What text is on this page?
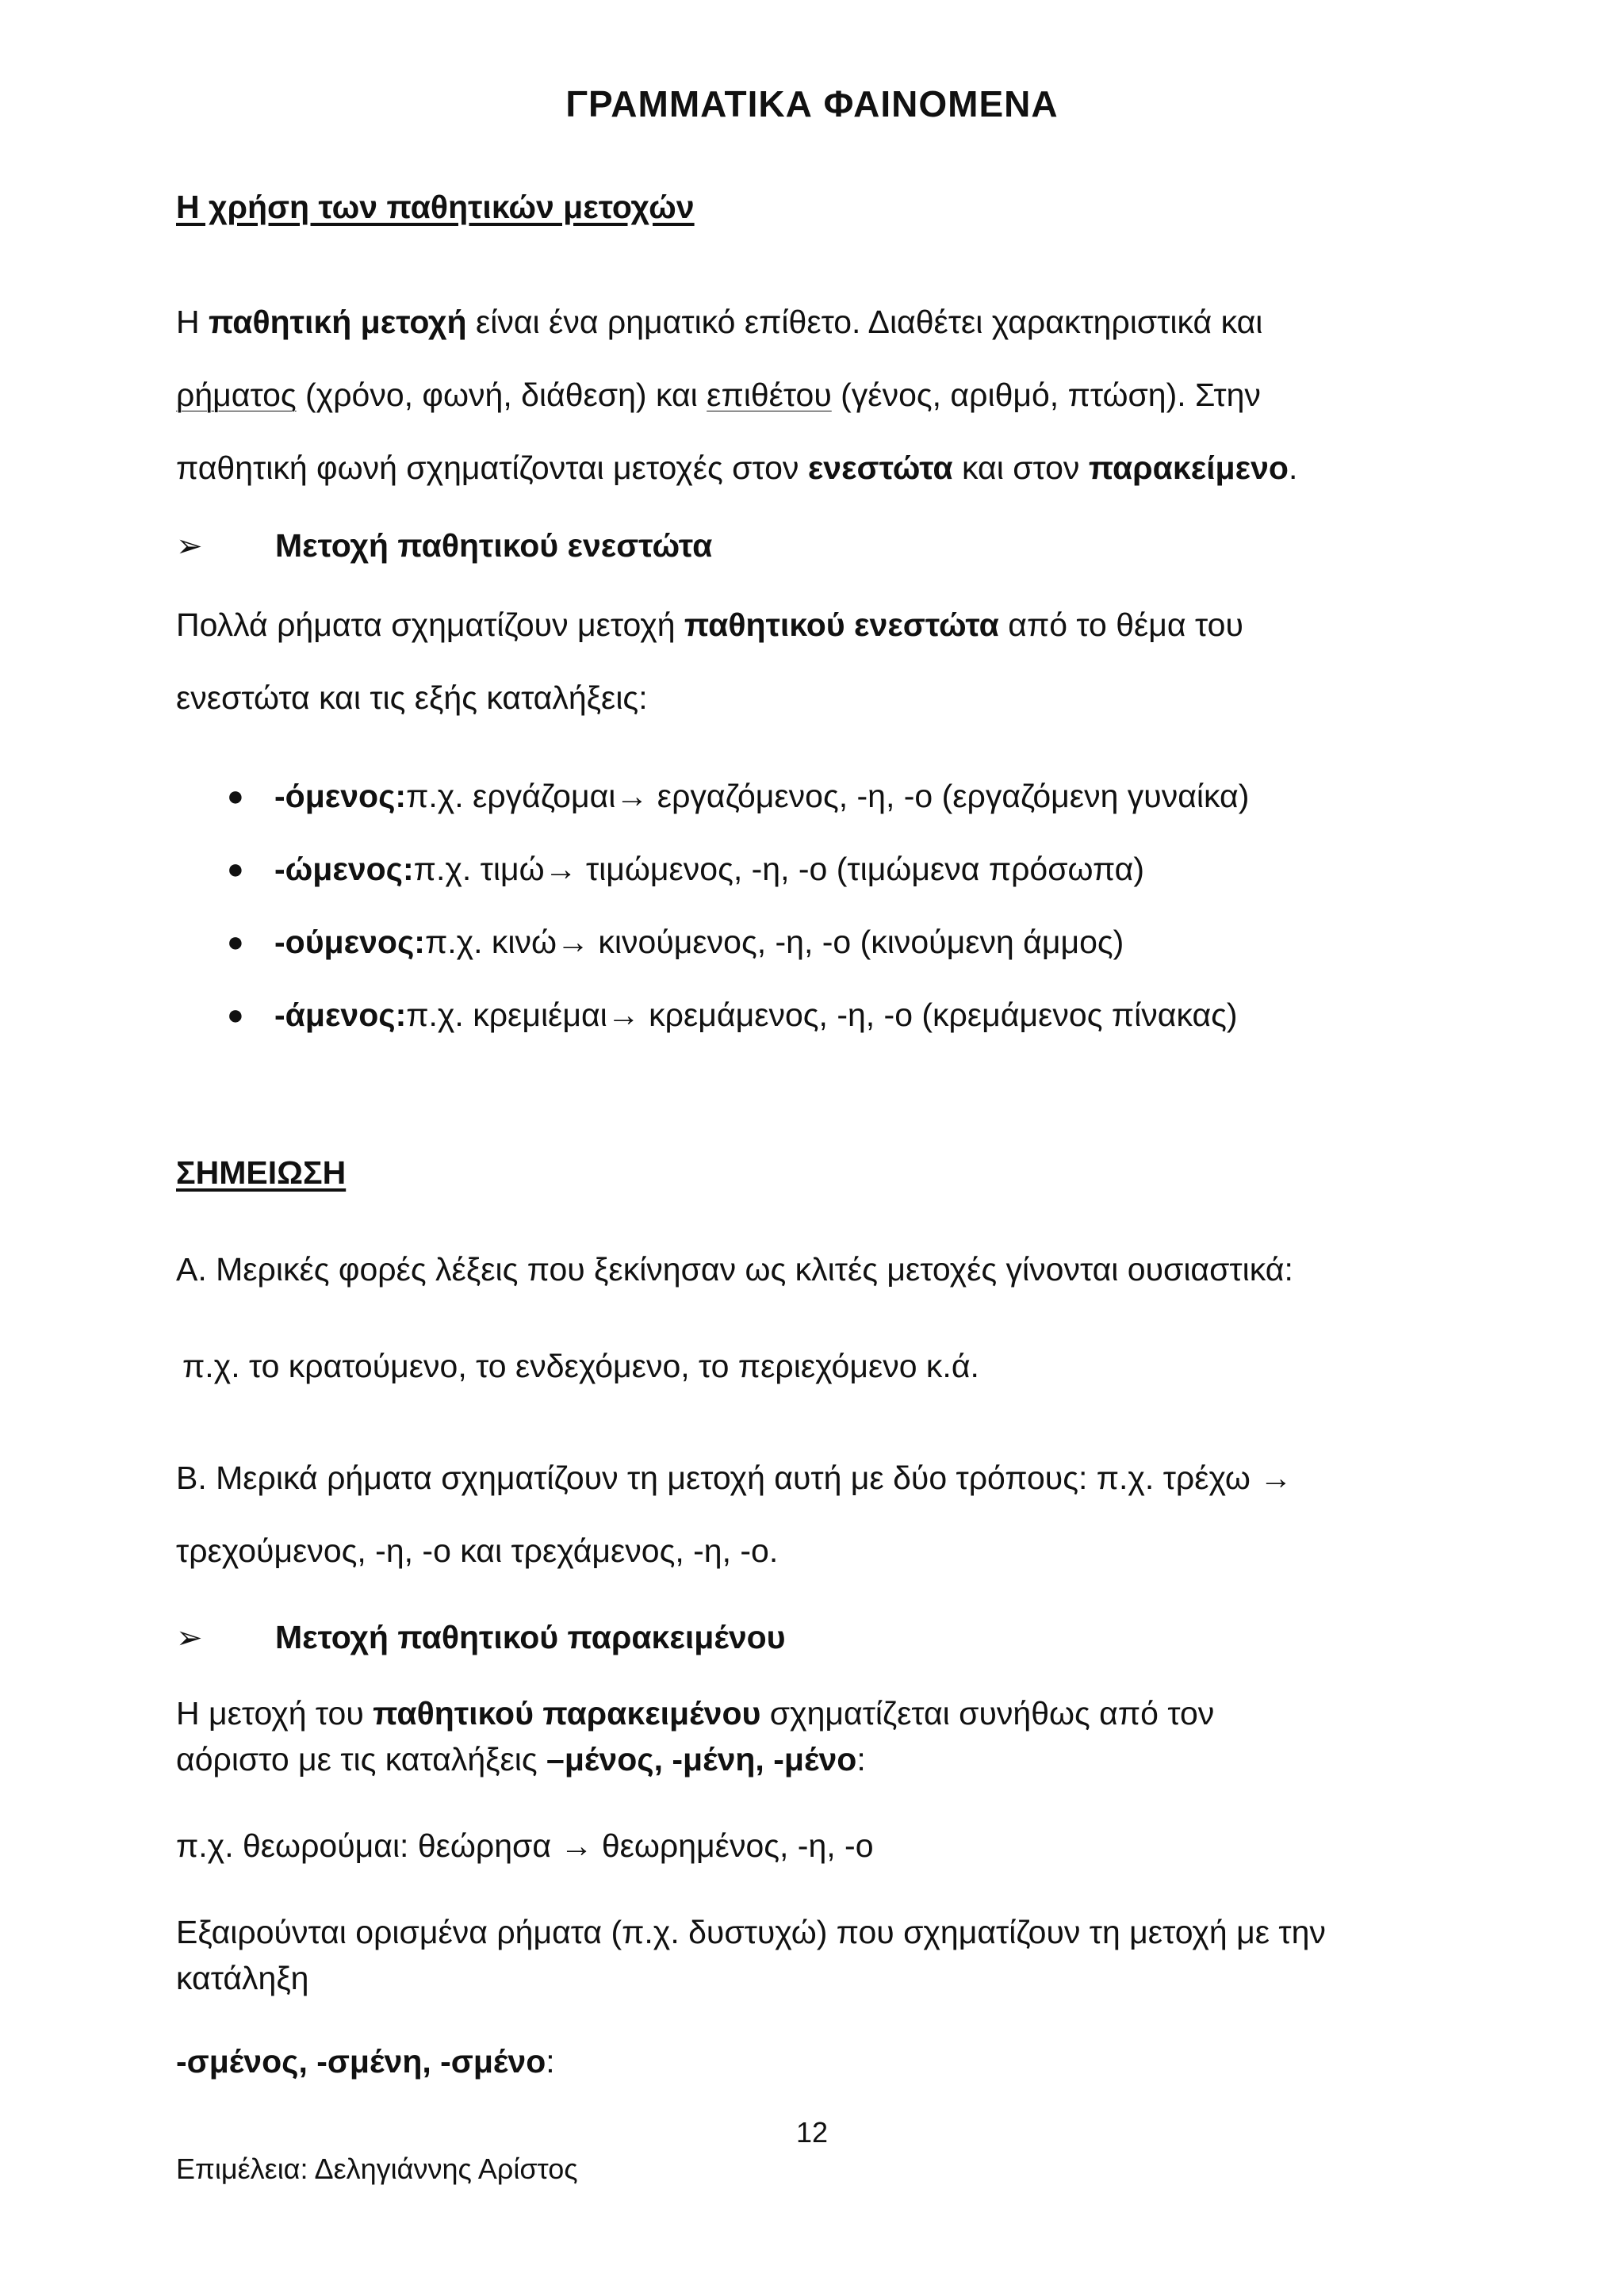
ΓΡΑΜΜΑΤΙΚΑ ΦΑΙΝΟΜΕΝΑ
Η χρήση των παθητικών μετοχών
Η παθητική μετοχή είναι ένα ρηματικό επίθετο. Διαθέτει χαρακτηριστικά και
ρήματος (χρόνο, φωνή, διάθεση) και επιθέτου (γένος, αριθμό, πτώση). Στην
παθητική φωνή σχηματίζονται μετοχές στον ενεστώτα και στον παρακείμενο.
➢	Μετοχή παθητικού ενεστώτα
Πολλά ρήματα σχηματίζουν μετοχή παθητικού ενεστώτα από το θέμα του
ενεστώτα και τις εξής καταλήξεις:
● -όμενος: π.χ. εργάζομαι→ εργαζόμενος, -η, -ο (εργαζόμενη γυναίκα)
● -ώμενος: π.χ. τιμώ→ τιμώμενος, -η, -ο (τιμώμενα πρόσωπα)
● -ούμενος: π.χ. κινώ→ κινούμενος, -η, -ο (κινούμενη άμμος)
● -άμενος: π.χ. κρεμιέμαι→ κρεμάμενος, -η, -ο (κρεμάμενος πίνακας)
ΣΗΜΕΙΩΣΗ
Α. Μερικές φορές λέξεις που ξεκίνησαν ως κλιτές μετοχές γίνονται ουσιαστικά:
π.χ. το κρατούμενο, το ενδεχόμενο, το περιεχόμενο κ.ά.
Β. Μερικά ρήματα σχηματίζουν τη μετοχή αυτή με δύο τρόπους: π.χ. τρέχω →
τρεχούμενος, -η, -ο και τρεχάμενος, -η, -ο.
➢	Μετοχή παθητικού παρακειμένου
Η μετοχή του παθητικού παρακειμένου σχηματίζεται συνήθως από τον
αόριστο με τις καταλήξεις –μένος, -μένη, -μένο:
π.χ. θεωρούμαι: θεώρησα → θεωρημένος, -η, -ο
Εξαιρούνται ορισμένα ρήματα (π.χ. δυστυχώ) που σχηματίζουν τη μετοχή με την
κατάληξη
-σμένος, -σμένη, -σμένο:
12
Επιμέλεια: Δεληγιάννης Αρίστος
